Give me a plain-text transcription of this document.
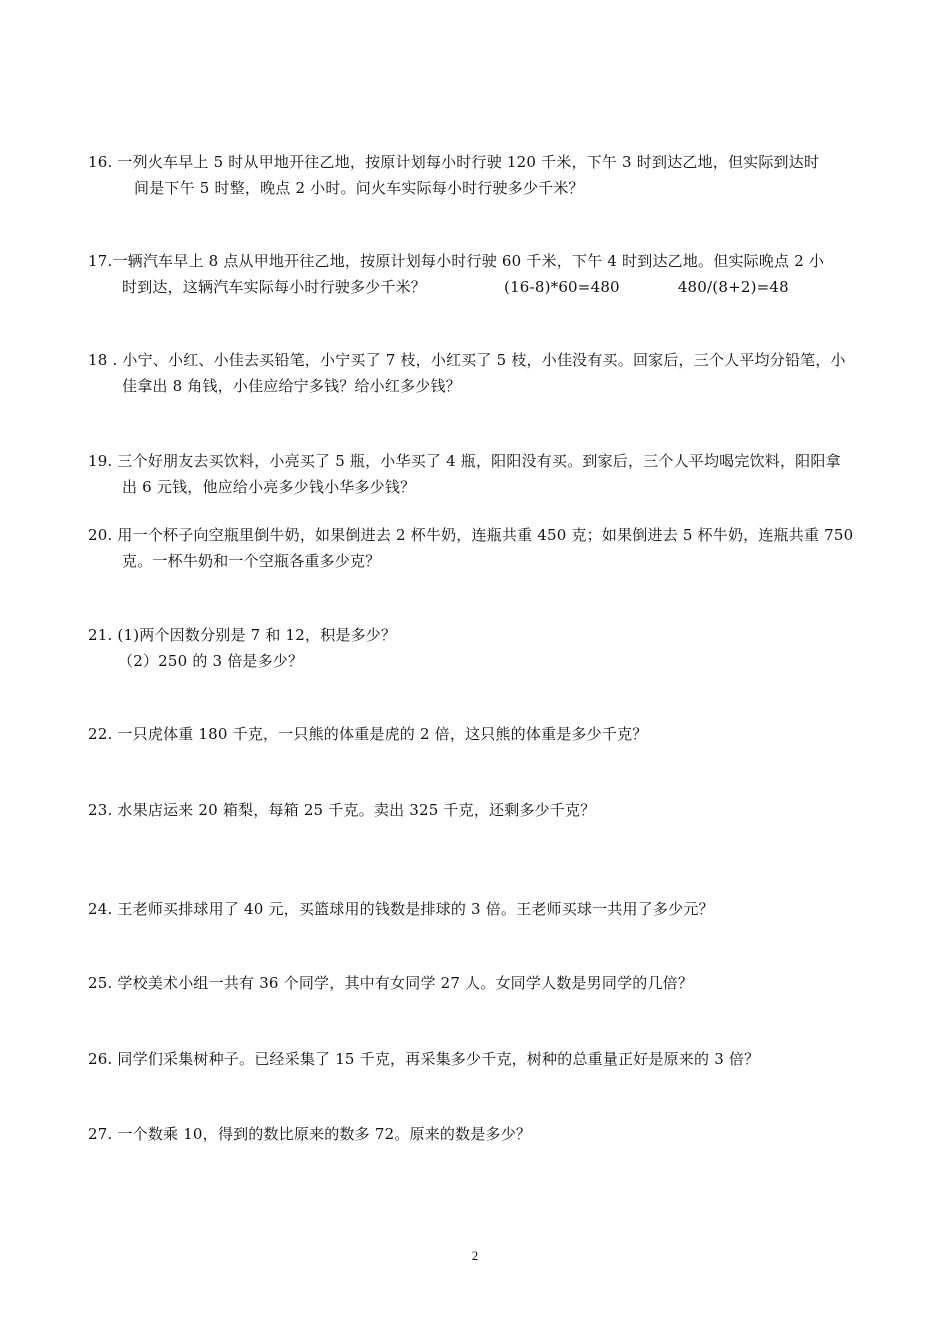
16. 一列火车早上 5 时从甲地开往乙地，按原计划每小时行驶 120 千米，下午 3 时到达乙地，但实际到达时
间是下午 5 时整，晚点 2 小时。问火车实际每小时行驶多少千米？
17.一辆汽车早上 8 点从甲地开往乙地，按原计划每小时行驶 60 千米，下午 4 时到达乙地。但实际晚点 2 小
时到达，这辆汽车实际每小时行驶多少千米？	(16-8)*60=480	480/(8+2)=48
18 . 小宁、小红、小佳去买铅笔，小宁买了 7 枝，小红买了 5 枝，小佳没有买。回家后，三个人平均分铅笔，小
佳拿出 8 角钱，小佳应给宁多钱？给小红多少钱？
19. 三个好朋友去买饮料，小亮买了 5 瓶，小华买了 4 瓶，阳阳没有买。到家后，三个人平均喝完饮料，阳阳拿
出 6 元钱，他应给小亮多少钱小华多少钱？
20. 用一个杯子向空瓶里倒牛奶，如果倒进去 2 杯牛奶，连瓶共重 450 克；如果倒进去 5 杯牛奶，连瓶共重 750
克。一杯牛奶和一个空瓶各重多少克？
21. (1)两个因数分别是 7 和 12，积是多少？
（2）250 的 3 倍是多少？
22. 一只虎体重 180 千克，一只熊的体重是虎的 2 倍，这只熊的体重是多少千克？
23. 水果店运来 20 箱梨，每箱 25 千克。卖出 325 千克，还剩多少千克？
24. 王老师买排球用了 40 元，买篮球用的钱数是排球的 3 倍。王老师买球一共用了多少元？
25. 学校美术小组一共有 36 个同学，其中有女同学 27 人。女同学人数是男同学的几倍？
26. 同学们采集树种子。已经采集了 15 千克，再采集多少千克，树种的总重量正好是原来的 3 倍？
27. 一个数乘 10，得到的数比原来的数多 72。原来的数是多少？
2
